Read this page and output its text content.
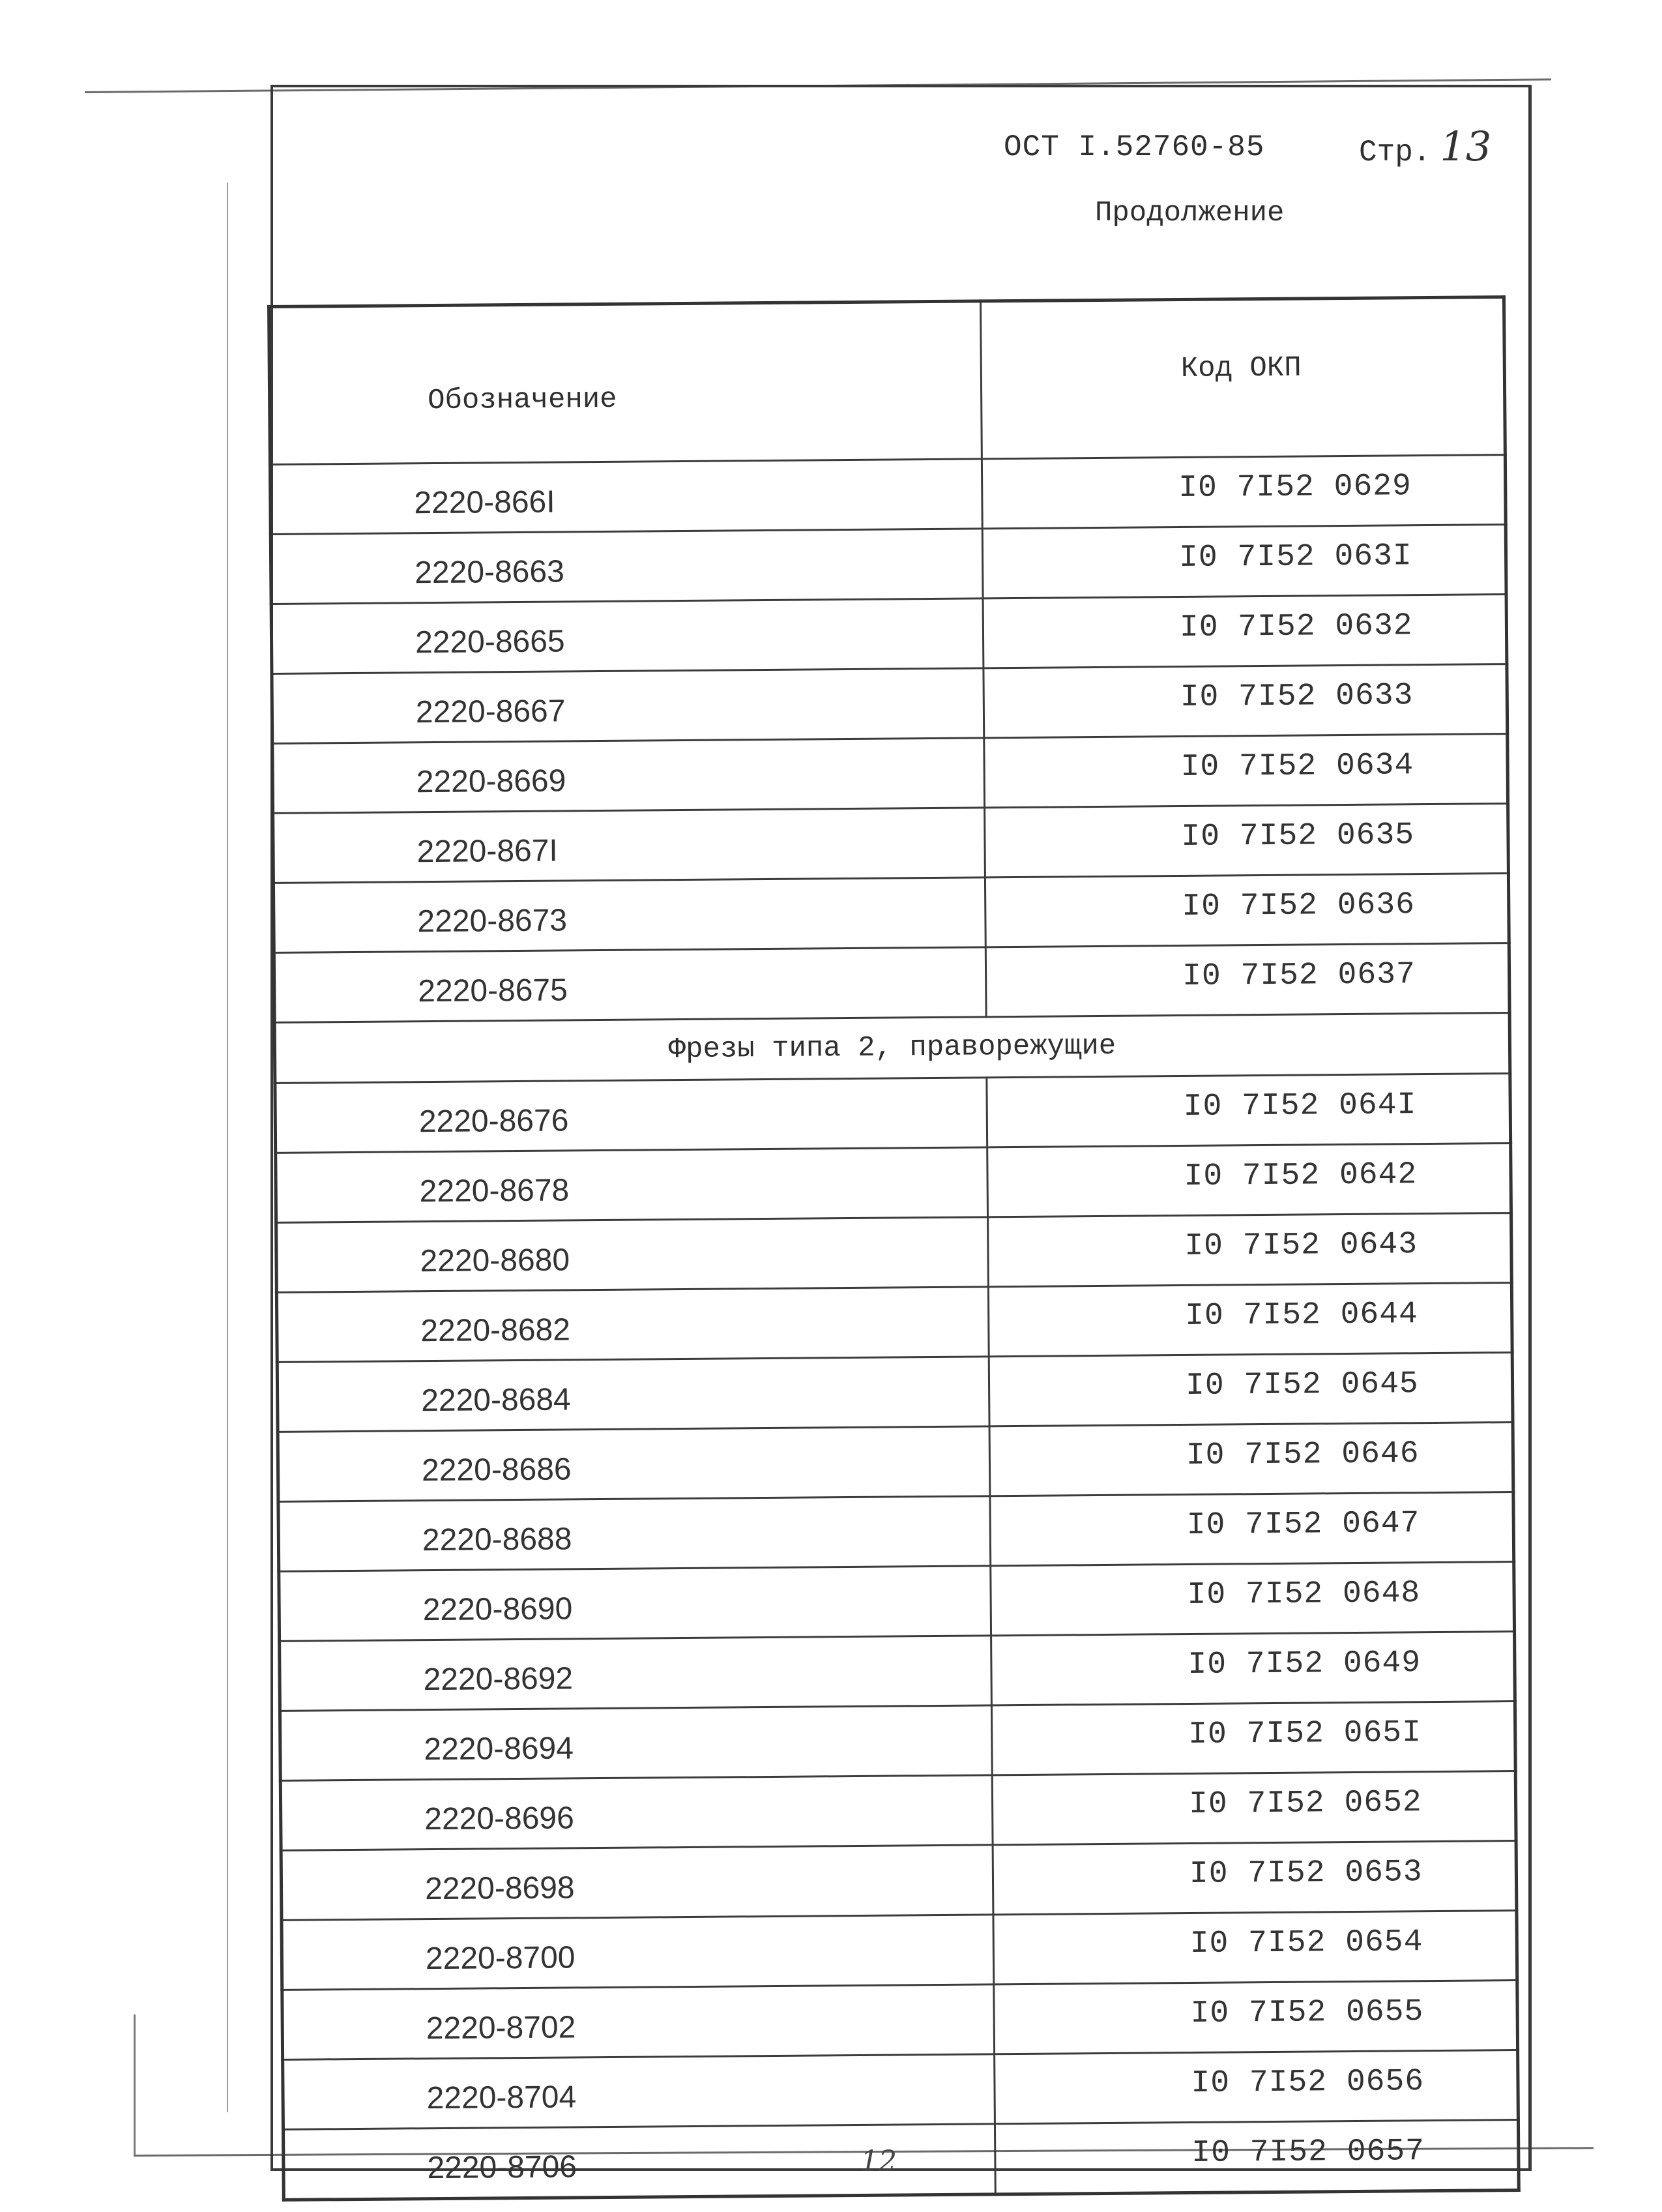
ОСТ I.52760-85	Стр. 13
Продолжение
Обозначение	Код ОКП
2220-866I	I0 7I52 0629
2220-8663	I0 7I52 063I
2220-8665	I0 7I52 0632
2220-8667	I0 7I52 0633
2220-8669	I0 7I52 0634
2220-867I	I0 7I52 0635
2220-8673	I0 7I52 0636
2220-8675	I0 7I52 0637
Фрезы типа 2, праворежущие	
2220-8676	I0 7I52 064I
2220-8678	I0 7I52 0642
2220-8680	I0 7I52 0643
2220-8682	I0 7I52 0644
2220-8684	I0 7I52 0645
2220-8686	I0 7I52 0646
2220-8688	I0 7I52 0647
2220-8690	I0 7I52 0648
2220-8692	I0 7I52 0649
2220-8694	I0 7I52 065I
2220-8696	I0 7I52 0652
2220-8698	I0 7I52 0653
2220-8700	I0 7I52 0654
2220-8702	I0 7I52 0655
2220-8704	I0 7I52 0656
2220-8706	I0 7I52 0657
12
